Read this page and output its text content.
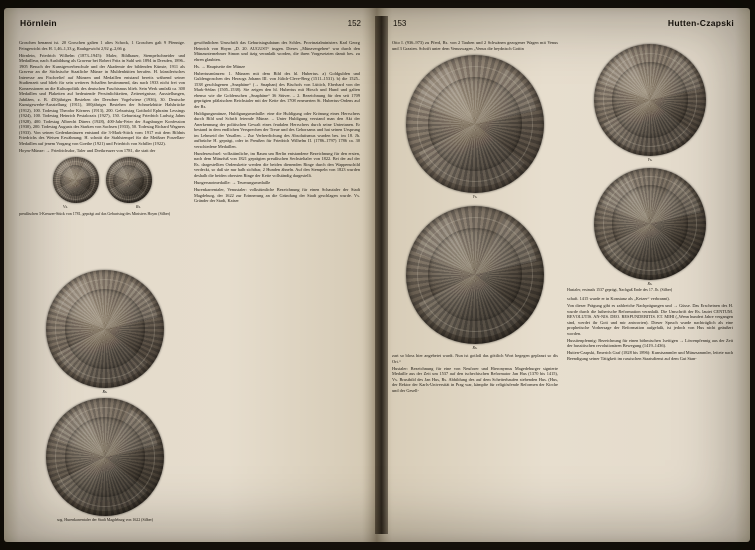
Hörnlein	152

Groschen benannt ist. 20 Groschen galten 1 altes Schock, 1 Groschen galt 9 Pfennige. Feingewicht des H. 1,46–1,33 g, Rauhgewicht 2,92 g–2,66 g.

Hörnlein, Friedrich Wilhelm (1873–1945): Maler, Bildhauer, Stempelschneider und Medailleur, nach Ausbildung als Graveur bei Robert Fritz in Suhl seit 1894 in Dresden, 1896–1905 Besuch der Kunstgewerbeschule und der Akademie der bildenden Künste, 1911 als Graveur an die Sächsische Staatliche Münze in Muldenhütten berufen. H. künstlerisches Interesse am Fischrelief auf Münzen und Medaillen entstand bereits während seiner Studienzeit und blieb für sein weiteres Schaffen bestimmend, das nach 1933 nicht frei von Konzessionen an die Kulturpolitik des deutschen Faschismus blieb. Sein Werk umfaßt ca. 300 Medaillen und Plaketten auf bedeutende Persönlichkeiten, Zeitereignisse, Ausstellungen, Jubiläen, z. B. 450jähriges Bestehen der Dresdner Vogelwiese (1936), 30. Deutsche Kunstgewerbe-Ausstellung (1911), 300jähriges Bestehen der Schmelzhütte Halsbrücke (1912), 100. Todestag Theodor Körners (1913), 200. Geburtstag Gotthold Ephraim Lessings (1924), 100. Todestag Heinrich Pestalozzis (1927), 150. Geburtstag Friedrich Ludwig Jahns (1928), 400. Todestag Albrecht Dürers (1928), 400-Jahr-Feier der Augsburger Konfession (1930), 200. Todestag Augusts des Starken von Sachsen (1933), 50. Todestag Richard Wagners (1933). Von seinen Gedenkmünzen entstand die 3-Mark-Stück vom 1917 mit dem Bildnis Friedrichs des Weisen Erwähnung; H. schnitt die Stahlstempel für die Meißner Porzellan-Medaillen auf jenem Vorgang von Goethe (1921) und Friedrich von Schiller (1922).

Hoym-Münze: → Friedrichsdor, Taler und Dreikreuzer von 1781, die statt der

Vs.	Rs.
preußischen 3-Kreuzer-Stück von 1781, geprägt auf das Geburtstag des Ministers Hoym (Silber)

gewöhnlichen Umschrift das Geburtstagsdatum des Schles. Provinzialministers Karl Georg Heinrich von Hoym „D. 20. AUGUST“ trugen. Dieses „Münzvergehen“ war durch den Münzunternehmer Simon und itzig veranlaßt worden, die ihren Vorgesetzten damit bes. zu ehren glaubten.

Hs. → Hauptseite der Münze

Hubertusmünzen: 1. Münzen mit dem Bild des hl. Hubertus. a) Goldgulden und Guldengroschen des Herzogs Johann III. von Jülich-Cleve-Berg (1511–1531). b) die 1525–1538 geschlagenen „Snaphäne“ (→ Snaphan) des Bischofs von Lüttich, Eberhard von der Mark-Sédan (1505–1538). Sie zeigen den hl. Hubertus mit Hirsch und Hund und galten ebenso wie die Goldenschen „Snaphäne“ 36 Stüver. – 2. Bezeichnung für den seit 1709 geprägten pfälzischen Reichstaler mit der Kette des 1708 erneuerten St. Hubertus-Ordens auf der Rs.

Huldigungsmünze, Huldigungsmedaille: eine die Huldigung oder Krönung eines Herrschers durch Bild und Schrift feiernde Münze. – Unter Huldigung verstand man den Akt der Anerkennung der politischen Gewalt eines feudalen Herrschers durch seine Untertanen. Er bestand in dem endlichen Versprechen der Treue und des Gehorsams und hat seinen Ursprung im Lehnseid der Vasallen. – Zur Verherrlichung des Absolutismus wurden bes. im 18. Jh. aufbrüche H. geprägt, oder in Preußen für Friedrich Wilhelm II. (1786–1797) 1786 ca. 30 verschiedene Medaillen.

Hundeseuchsel: volkstümliche, im Raum um Berlin entstandene Bezeichnung für den ersten, nach dem Münzfuß von 1821 geprägten preußischen Sechsteltaler von 1822. Bei der auf der Rs. dargestellten Ordenskette werden die beiden dienenden Ringe durch den Wappenschild verdeckt, so daß sie nur halb sichtbar, 2 Hunden ähneln. Auf den Stempeln von 1823 wurden deshalb die beiden obersten Ringe der Kette vollständig dargestellt.

Hungersnotmedaille: → Teuerungsmedaille

Hurenkarrentaler, Venustaler: volkstümliche Bezeichnung für einen Schautaler der Stadt Magdeburg, der 1622 zur Erinnerung an die Gründung der Stadt geschlagen wurde. Vs. Gründer der Stadt, Kaiser

Rs.
sog. Hurenkarrentaler der Stadt Magdeburg von 1622 (Silber)
153	Hutten-Czapski

Otto I. (936–973) zu Pferd, Rs. von 2 Tauben und 2 Schwänen gezogener Wagen mit Venus und 3 Grazien. Schrift unter dem Venuswagen „Venus die heydnisch Gottin

Vs.
Rs.

zart so bloss hier angebetet wardt. Nun ist gotloß das göttlich Wort hegegen geplanzt so dis Ort.“

Hustaler: Bezeichnung für eine von Neuforer und Hieronymus Magedeburger signierte Medaille aus der Zeit um 1537 auf den tschechischen Reformator Jan Hus (1370 bis 1415), Vs. Brustbild des Jan Hus, Rs. Abbildung des auf dem Scheiterhaufen stehenden Hus. (Hus, der Rektor der Karls-Universität in Prag war, kämpfte für religiösfende Reformen der Kirche und der Gesell-

Vs.
Rs.
Hustaler, erstmals 1537 geprägt, Nachguß Ende des 17. Jh. (Silber)

schaft. 1415 wurde er in Konstanz als „Ketzer“ verbrannt).

Von dieser Prägung gibt es zahlreiche Nachprägungen und → Güsse. Das Erscheinen des H. wurde durch die lutherische Reformation veranlaßt. Die Umschrift der Rs. lautet CENTUM. REVOLUTIS. AN-NIS. DEO. RESPUNDEBITIS. ET. MIHI („Wenn hundert Jahre vergangen sind, werdet ihr Gott und mir antworten). Dieser Spruch wurde nachträglich als eine prophetische Vorhersage der Reformation aufgefaßt, ist jedoch von Hus nicht geäußert worden.

Hussitenpfennig: Bezeichnung für einen böhmischen 1seitigen → Löwenpfennig aus der Zeit der hussitischen revolutionären Bewegung (1419–1436).

Hutten-Czapski, Emerich Graf (1828 bis 1896): Kunstsammler und Münzsammler, leitete nach Beendigung seiner Tätigkeit im russischen Staatsdienst auf dem Gut Stan-
